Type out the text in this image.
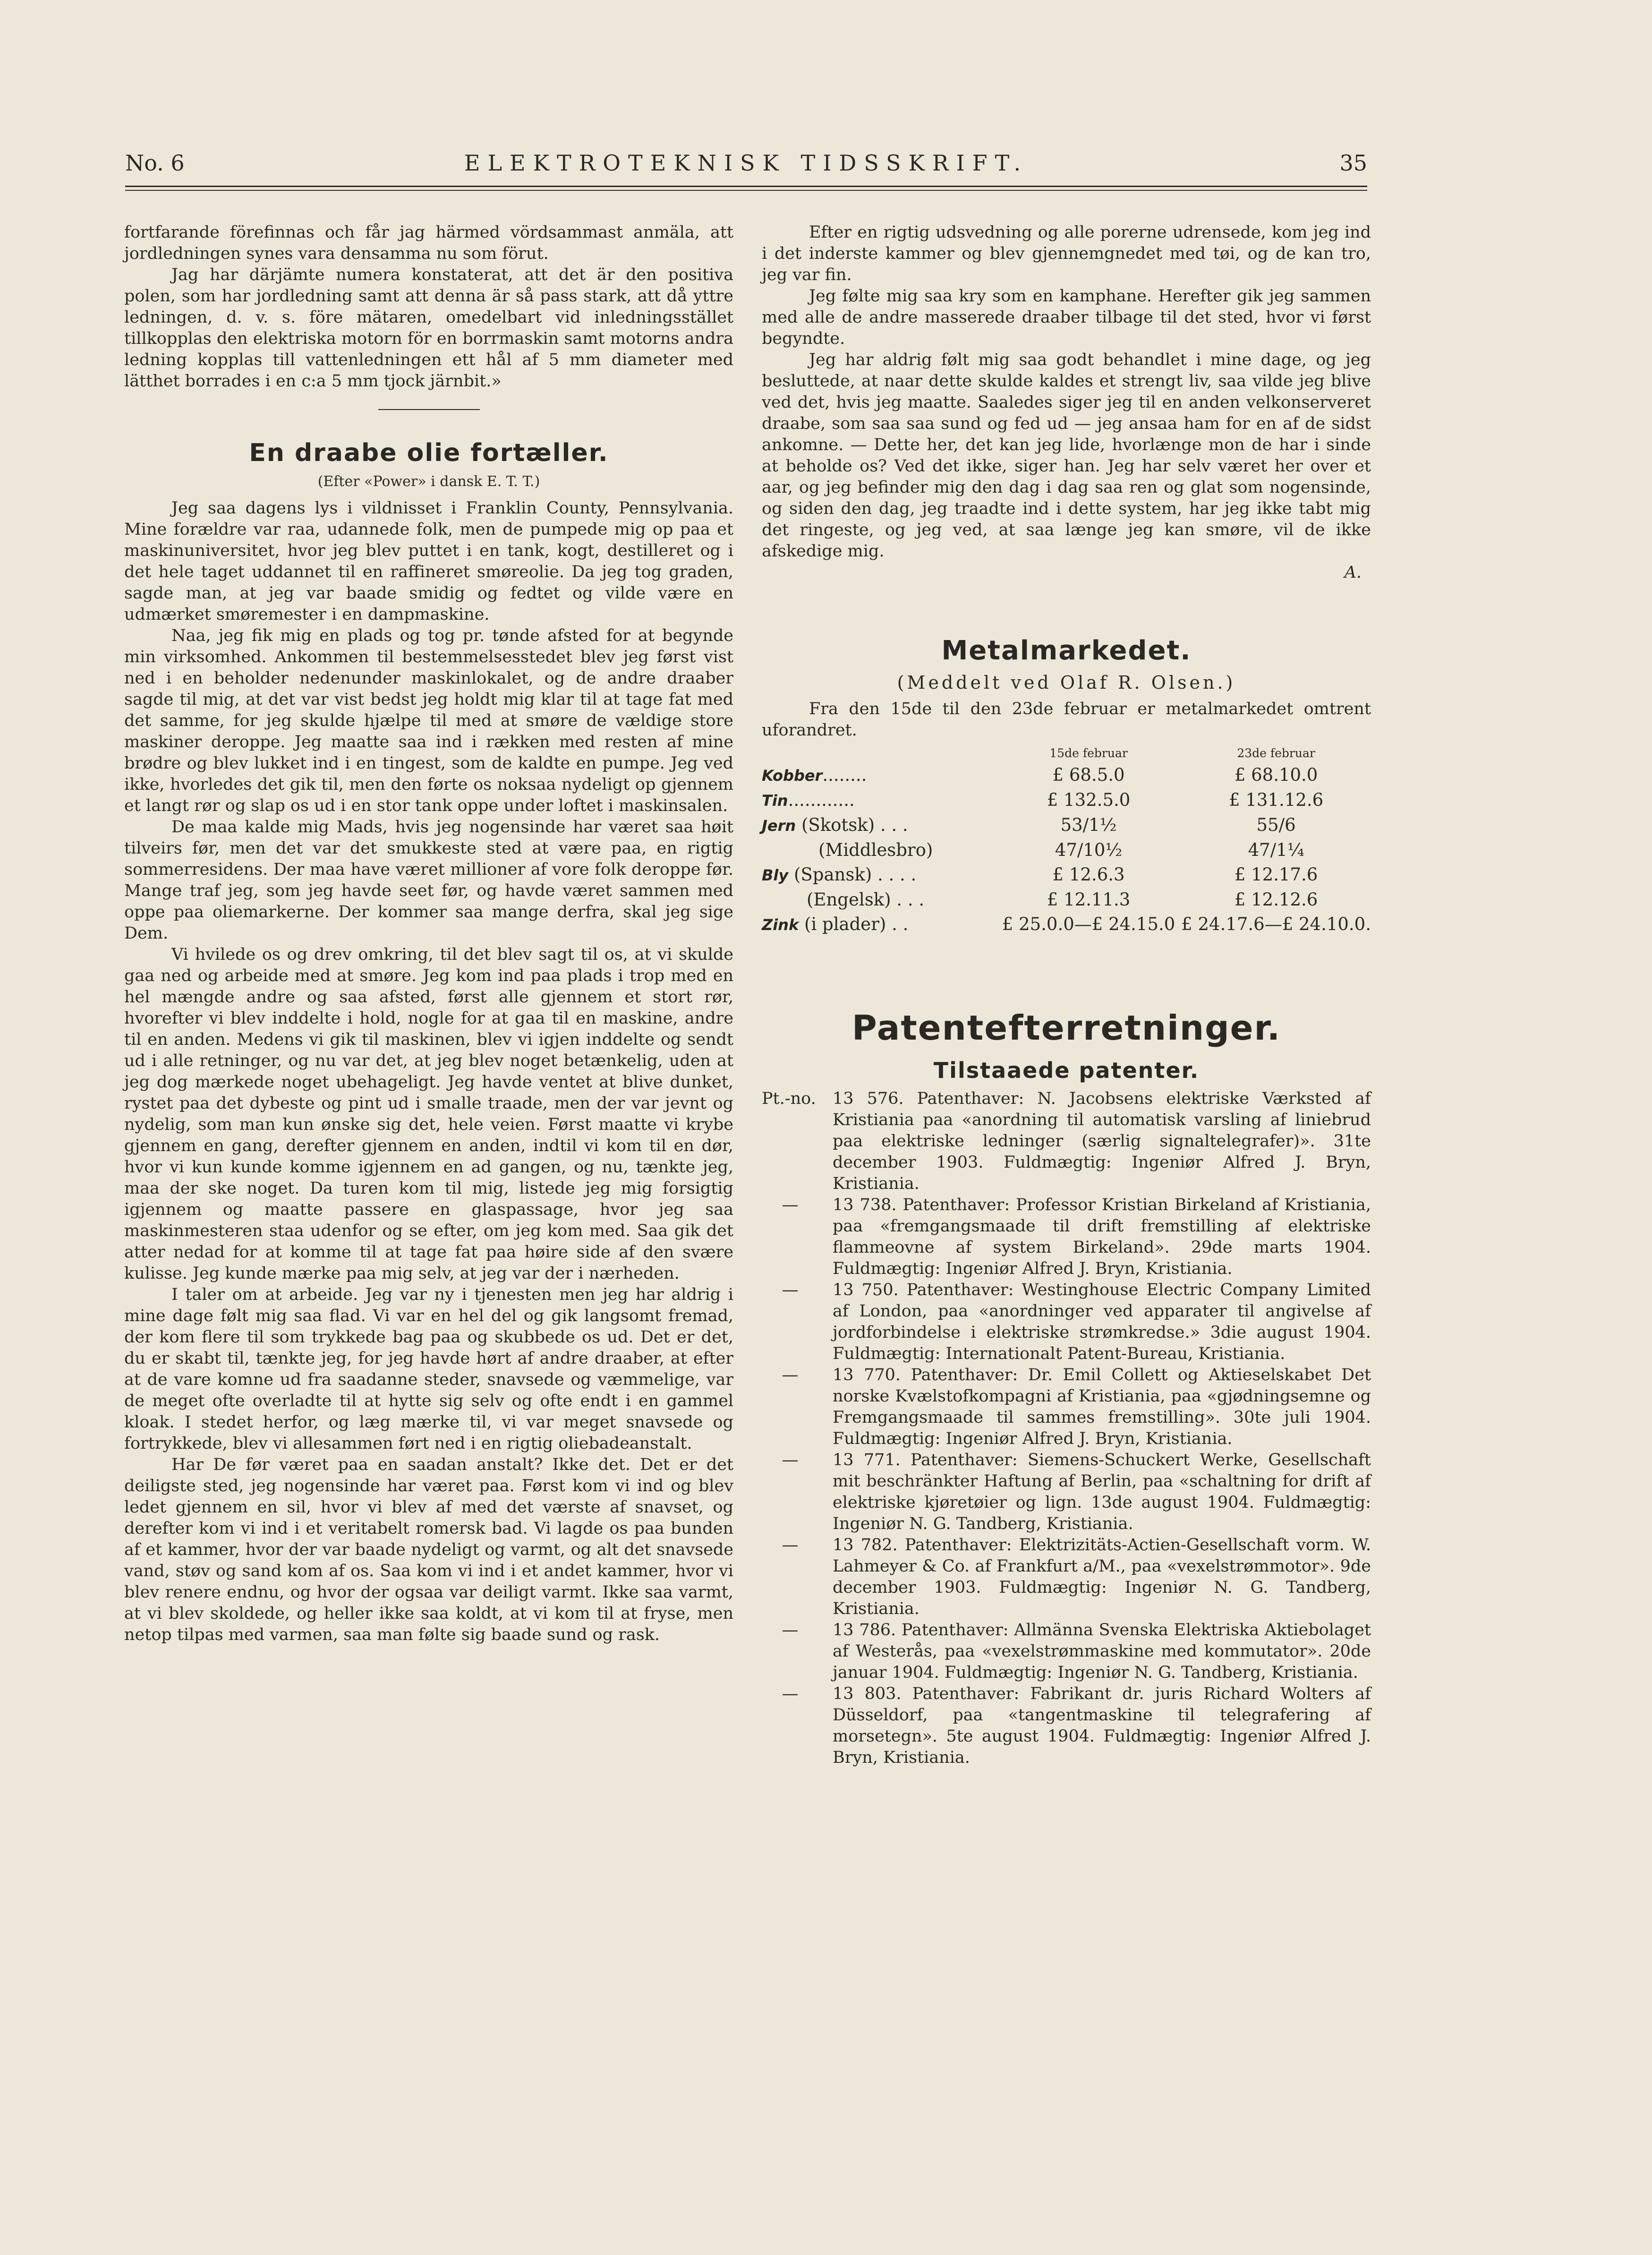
No. 6	ELEKTROTEKNISK TIDSSKRIFT.	35

fortfarande förefinnas och får jag härmed vördsammast anmäla, att jordledningen synes vara densamma nu som förut.

Jag har därjämte numera konstaterat, att det är den positiva polen, som har jordledning samt att denna är så pass stark, att då yttre ledningen, d. v. s. före mätaren, omedelbart vid inledningsstället tillkopplas den elektriska motorn för en borrmaskin samt motorns andra ledning kopplas till vattenledningen ett hål af 5 mm diameter med lätthet borrades i en c:a 5 mm tjock järnbit.»

En draabe olie fortæller.
(Efter «Power» i dansk E. T. T.)

Jeg saa dagens lys i vildnisset i Franklin County, Pennsylvania. Mine forældre var raa, udannede folk, men de pumpede mig op paa et maskinuniversitet, hvor jeg blev puttet i en tank, kogt, destilleret og i det hele taget uddannet til en raffineret smøreolie. Da jeg tog graden, sagde man, at jeg var baade smidig og fedtet og vilde være en udmærket smøremester i en dampmaskine.

Naa, jeg fik mig en plads og tog pr. tønde afsted for at begynde min virksomhed. Ankommen til bestemmelsesstedet blev jeg først vist ned i en beholder nedenunder maskinlokalet, og de andre draaber sagde til mig, at det var vist bedst jeg holdt mig klar til at tage fat med det samme, for jeg skulde hjælpe til med at smøre de vældige store maskiner deroppe. Jeg maatte saa ind i rækken med resten af mine brødre og blev lukket ind i en tingest, som de kaldte en pumpe. Jeg ved ikke, hvorledes det gik til, men den førte os noksaa nydeligt op gjennem et langt rør og slap os ud i en stor tank oppe under loftet i maskinsalen.

De maa kalde mig Mads, hvis jeg nogensinde har været saa høit tilveirs før, men det var det smukkeste sted at være paa, en rigtig sommerresidens. Der maa have været millioner af vore folk deroppe før. Mange traf jeg, som jeg havde seet før, og havde været sammen med oppe paa oliemarkerne. Der kommer saa mange derfra, skal jeg sige Dem.

Vi hvilede os og drev omkring, til det blev sagt til os, at vi skulde gaa ned og arbeide med at smøre. Jeg kom ind paa plads i trop med en hel mængde andre og saa afsted, først alle gjennem et stort rør, hvorefter vi blev inddelte i hold, nogle for at gaa til en maskine, andre til en anden. Medens vi gik til maskinen, blev vi igjen inddelte og sendt ud i alle retninger, og nu var det, at jeg blev noget betænkelig, uden at jeg dog mærkede noget ubehageligt. Jeg havde ventet at blive dunket, rystet paa det dybeste og pint ud i smalle traade, men der var jevnt og nydelig, som man kun ønske sig det, hele veien. Først maatte vi krybe gjennem en gang, derefter gjennem en anden, indtil vi kom til en dør, hvor vi kun kunde komme igjennem en ad gangen, og nu, tænkte jeg, maa der ske noget. Da turen kom til mig, listede jeg mig forsigtig igjennem og maatte passere en glaspassage, hvor jeg saa maskinmesteren staa udenfor og se efter, om jeg kom med. Saa gik det atter nedad for at komme til at tage fat paa høire side af den svære kulisse. Jeg kunde mærke paa mig selv, at jeg var der i nærheden.

I taler om at arbeide. Jeg var ny i tjenesten men jeg har aldrig i mine dage følt mig saa flad. Vi var en hel del og gik langsomt fremad, der kom flere til som trykkede bag paa og skubbede os ud. Det er det, du er skabt til, tænkte jeg, for jeg havde hørt af andre draaber, at efter at de vare komne ud fra saadanne steder, snavsede og væmmelige, var de meget ofte overladte til at hytte sig selv og ofte endt i en gammel kloak. I stedet herfor, og læg mærke til, vi var meget snavsede og fortrykkede, blev vi allesammen ført ned i en rigtig oliebadeanstalt.

Har De før været paa en saadan anstalt? Ikke det. Det er det deiligste sted, jeg nogensinde har været paa. Først kom vi ind og blev ledet gjennem en sil, hvor vi blev af med det værste af snavset, og derefter kom vi ind i et veritabelt romersk bad. Vi lagde os paa bunden af et kammer, hvor der var baade nydeligt og varmt, og alt det snavsede vand, støv og sand kom af os. Saa kom vi ind i et andet kammer, hvor vi blev renere endnu, og hvor der ogsaa var deiligt varmt. Ikke saa varmt, at vi blev skoldede, og heller ikke saa koldt, at vi kom til at fryse, men netop tilpas med varmen, saa man følte sig baade sund og rask.

Efter en rigtig udsvedning og alle porerne udrensede, kom jeg ind i det inderste kammer og blev gjennemgnedet med tøi, og de kan tro, jeg var fin.

Jeg følte mig saa kry som en kamphane. Herefter gik jeg sammen med alle de andre masserede draaber tilbage til det sted, hvor vi først begyndte.

Jeg har aldrig følt mig saa godt behandlet i mine dage, og jeg besluttede, at naar dette skulde kaldes et strengt liv, saa vilde jeg blive ved det, hvis jeg maatte. Saaledes siger jeg til en anden velkonserveret draabe, som saa saa sund og fed ud — jeg ansaa ham for en af de sidst ankomne. — Dette her, det kan jeg lide, hvorlænge mon de har i sinde at beholde os? Ved det ikke, siger han. Jeg har selv været her over et aar, og jeg befinder mig den dag i dag saa ren og glat som nogensinde, og siden den dag, jeg traadte ind i dette system, har jeg ikke tabt mig det ringeste, og jeg ved, at saa længe jeg kan smøre, vil de ikke afskedige mig.

A.
Metalmarkedet.
(Meddelt ved Olaf R. Olsen.)

Fra den 15de til den 23de februar er metalmarkedet omtrent uforandret.

	15de februar	23de februar
Kobber........	£ 68.5.0	£ 68.10.0
Tin............	£ 132.5.0	£ 131.12.6
Jern (Skotsk) . . .	53/1½	55/6
(Middlesbro)	47/10½	47/1¼
Bly (Spansk) . . . .	£ 12.6.3	£ 12.17.6
(Engelsk) . . .	£ 12.11.3	£ 12.12.6
Zink (i plader) . .	£ 25.0.0—£ 24.15.0	£ 24.17.6—£ 24.10.0.
Patentefterretninger.
Tilstaaede patenter.

Pt.-no. 13 576. Patenthaver: N. Jacobsens elektriske Værksted af Kristiania paa «anordning til automatisk varsling af liniebrud paa elektriske ledninger (særlig signaltelegrafer)». 31te december 1903. Fuldmægtig: Ingeniør Alfred J. Bryn, Kristiania.

—	13 738. Patenthaver: Professor Kristian Birkeland af Kristiania, paa «fremgangsmaade til drift fremstilling af elektriske flammeovne af system Birkeland». 29de marts 1904. Fuldmægtig: Ingeniør Alfred J. Bryn, Kristiania.

—	13 750. Patenthaver: Westinghouse Electric Company Limited af London, paa «anordninger ved apparater til angivelse af jordforbindelse i elektriske strømkredse.» 3die august 1904. Fuldmægtig: Internationalt Patent-Bureau, Kristiania.

—	13 770. Patenthaver: Dr. Emil Collett og Aktieselskabet Det norske Kvælstofkompagni af Kristiania, paa «gjødningsemne og Fremgangsmaade til sammes fremstilling». 30te juli 1904. Fuldmægtig: Ingeniør Alfred J. Bryn, Kristiania.

—	13 771. Patenthaver: Siemens-Schuckert Werke, Gesellschaft mit beschränkter Haftung af Berlin, paa «schaltning for drift af elektriske kjøretøier og lign. 13de august 1904. Fuldmægtig: Ingeniør N. G. Tandberg, Kristiania.

—	13 782. Patenthaver: Elektrizitäts-Actien-Gesellschaft vorm. W. Lahmeyer & Co. af Frankfurt a/M., paa «vexelstrømmotor». 9de december 1903. Fuldmægtig: Ingeniør N. G. Tandberg, Kristiania.

—	13 786. Patenthaver: Allmänna Svenska Elektriska Aktiebolaget af Westerås, paa «vexelstrømmaskine med kommutator». 20de januar 1904. Fuldmægtig: Ingeniør N. G. Tandberg, Kristiania.

—	13 803. Patenthaver: Fabrikant dr. juris Richard Wolters af Düsseldorf, paa «tangentmaskine til telegrafering af morsetegn». 5te august 1904. Fuldmægtig: Ingeniør Alfred J. Bryn, Kristiania.
